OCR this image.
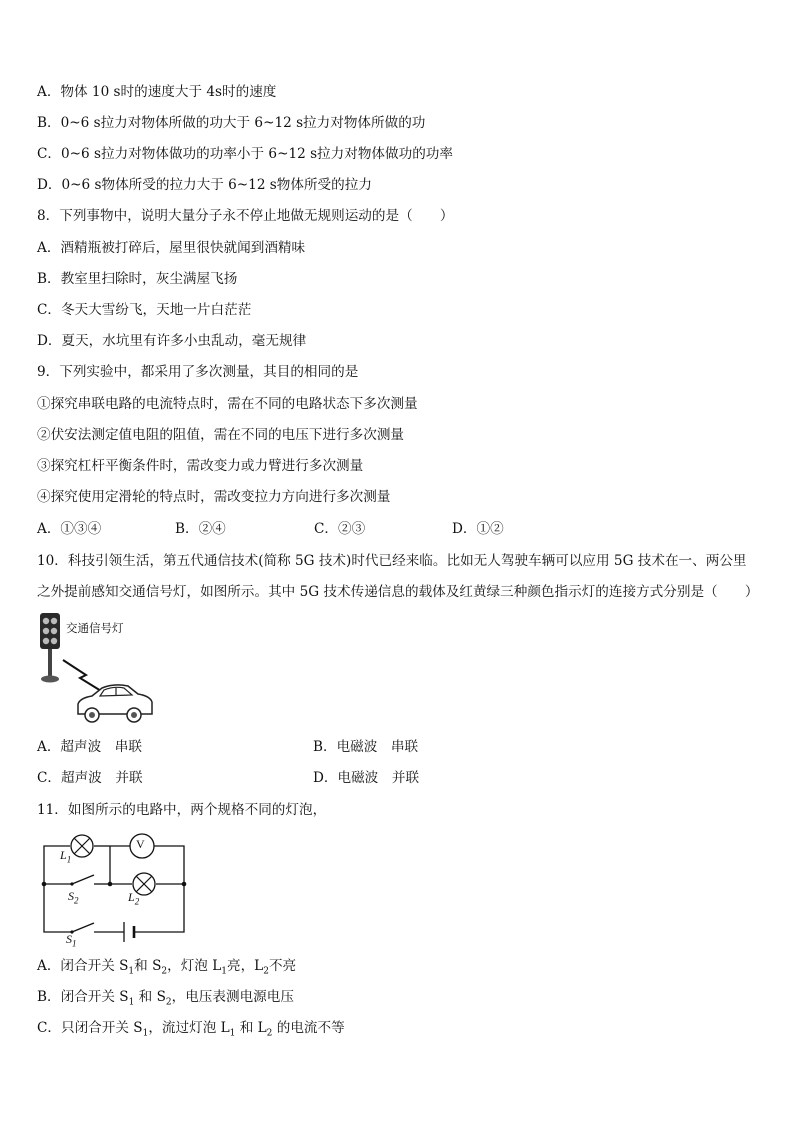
A．物体 10 s时的速度大于 4s时的速度
B．0~6 s拉力对物体所做的功大于 6~12 s拉力对物体所做的功
C．0~6 s拉力对物体做功的功率小于 6~12 s拉力对物体做功的功率
D．0~6 s物体所受的拉力大于 6~12 s物体所受的拉力
8．下列事物中，说明大量分子永不停止地做无规则运动的是（　　）
A．酒精瓶被打碎后，屋里很快就闻到酒精味
B．教室里扫除时，灰尘满屋飞扬
C．冬天大雪纷飞，天地一片白茫茫
D．夏天，水坑里有许多小虫乱动，毫无规律
9．下列实验中，都采用了多次测量，其目的相同的是
①探究串联电路的电流特点时，需在不同的电路状态下多次测量
②伏安法测定值电阻的阻值，需在不同的电压下进行多次测量
③探究杠杆平衡条件时，需改变力或力臂进行多次测量
④探究使用定滑轮的特点时，需改变拉力方向进行多次测量
A．①③④	B．②④	C．②③	D．①②
10．科技引领生活，第五代通信技术(简称 5G 技术)时代已经来临。比如无人驾驶车辆可以应用 5G 技术在一、两公里
之外提前感知交通信号灯，如图所示。其中 5G 技术传递信息的载体及红黄绿三种颜色指示灯的连接方式分别是（　　）
交通信号灯
A．超声波　串联	B．电磁波　串联
C．超声波　并联	D．电磁波　并联
11．如图所示的电路中，两个规格不同的灯泡，
V
$L_1$
$L_2$
$S_2$
$S_1$
A．闭合开关 $S_1$和 $S_2$，灯泡 $L_1$亮，$L_2$不亮
B．闭合开关 $S_1$ 和 $S_2$，电压表测电源电压
C．只闭合开关 $S_1$，流过灯泡 $L_1$ 和 $L_2$ 的电流不等
